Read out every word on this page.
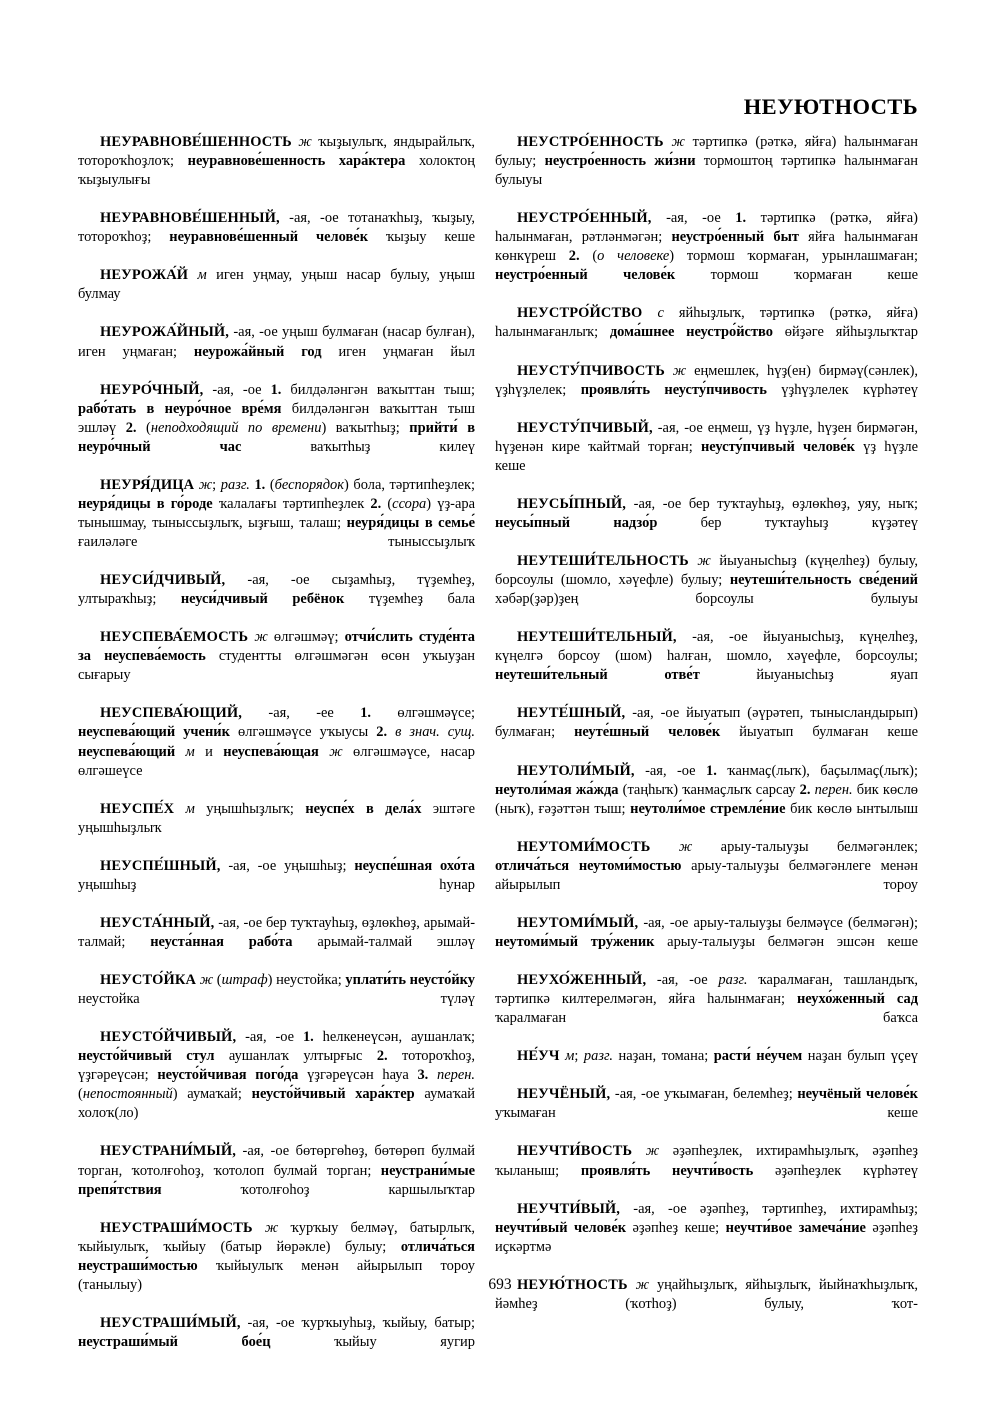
НЕУЮТНОСТЬ

НЕУРАВНОВЕ́ШЕННОСТЬ ж ҡыҙыулыҡ, яндырайлыҡ, тотороҡһоҙлоҡ; неуравнове́шенность хара́ктера холоктоң ҡыҙыулығы

НЕУРАВНОВЕ́ШЕННЫЙ, -ая, -ое тотанаҡһыҙ, ҡыҙыу, тотороҡһоҙ; неуравнове́шенный челове́к ҡыҙыу кеше

НЕУРОЖА́Й м иген уңмау, уңыш насар булыу, уңыш булмау

НЕУРОЖА́ЙНЫЙ, -ая, -ое уңыш булмаған (насар булған), иген уңмаған; неурожа́йный год иген уңмаған йыл

НЕУРО́ЧНЫЙ, -ая, -ое 1. билдәләнгән ваҡыттан тыш; рабо́тать в неуро́чное вре́мя билдәләнгән ваҡыттан тыш эшләү 2. (неподходящий по времени) ваҡытһыҙ; прийти́ в неуро́чный час ваҡытһыҙ килеү

НЕУРЯ́ДИЦА ж; разг. 1. (беспорядок) бола, тәртипһеҙлек; неуря́дицы в го́роде ҡалалағы тәртипһеҙлек 2. (ссора) үҙ-ара тынышмау, тыныссыҙлыҡ, ыҙғыш, талаш; неуря́дицы в семье́ ғаиләләге тыныссыҙлыҡ

НЕУСИ́ДЧИВЫЙ, -ая, -ое сыҙамһыҙ, түҙемһеҙ, ултыраҡһыҙ; неуси́дчивый ребёнок түҙемһеҙ бала

НЕУСПЕВА́ЕМОСТЬ ж өлгәшмәү; отчи́слить студе́нта за неуспева́емость студентты өлгәшмәгән өсөн уҡыуҙан сығарыу

НЕУСПЕВА́ЮЩИЙ, -ая, -ее 1. өлгәшмәүсе; неуспева́ющий учени́к өлгәшмәүсе уҡыусы 2. в знач. сущ. неуспева́ющий м и неуспева́ющая ж өлгәшмәүсе, насар өлгәшеүсе

НЕУСПЕ́Х м уңышһыҙлыҡ; неуспе́х в дела́х эштәге уңышһыҙлыҡ

НЕУСПЕ́ШНЫЙ, -ая, -ое уңышһыҙ; неуспе́шная охо́та уңышһыҙ һунар

НЕУСТА́ННЫЙ, -ая, -ое бер туҡтауһыҙ, өҙлөкһөҙ, арымай-талмай; неуста́нная рабо́та арымай-талмай эшләү

НЕУСТО́ЙКА ж (штраф) неустойка; уплати́ть неусто́йку неустойка түләү

НЕУСТО́ЙЧИВЫЙ, -ая, -ое 1. һелкенеүсән, аушанлаҡ; неусто́йчивый стул аушанлаҡ ултырғыс 2. тотороҡһоҙ, үҙгәреүсән; неусто́йчивая пого́да үҙгәреүсән һауа 3. перен. (непостоянный) аумаҡай; неусто́йчивый хара́ктер аумаҡай холоҡ(ло)

НЕУСТРАНИ́МЫЙ, -ая, -ое бөтөргөһөҙ, бөтөрөп булмай торган, ҡотолғоһоҙ, ҡотолоп булмай торган; неустрани́мые препя́тствия ҡотолғоһоҙ каршылыҡтар

НЕУСТРАШИ́МОСТЬ ж ҡурҡыу белмәү, батырлыҡ, ҡыйыулыҡ, ҡыйыу (батыр йөрәкле) булыу; отлича́ться неустраши́мостью ҡыйыулыҡ менән айырылып тороу (танылыу)

НЕУСТРАШИ́МЫЙ, -ая, -ое ҡурҡыуһыҙ, ҡыйыу, батыр; неустраши́мый бое́ц ҡыйыу яугир

НЕУСТРО́ЕННОСТЬ ж тәртипкә (рәткә, яйға) һалынмаған булыу; неустро́енность жи́зни тормоштоң тәртипкә һалынмаған булыуы

НЕУСТРО́ЕННЫЙ, -ая, -ое 1. тәртипкә (рәткә, яйға) һалынмаған, рәтләнмәгән; неустро́енный быт яйға һалынмаған көнкүреш 2. (о человеке) тормош ҡормаған, урынлашмаған; неустро́енный челове́к тормош ҡормаған кеше

НЕУСТРО́ЙСТВО с яйһыҙлыҡ, тәртипкә (рәткә, яйға) һалынмағанлыҡ; дома́шнее неустро́йство өйҙәге яйһыҙлыҡтар

НЕУСТУ́ПЧИВОСТЬ ж еңмешлек, һүҙ(ен) бирмәү(сәнлек), үҙһүҙлелек; проявля́ть неусту́пчивость үҙһүҙлелек күрһәтеү

НЕУСТУ́ПЧИВЫЙ, -ая, -ое еңмеш, үҙ һүҙле, һүҙен бирмәгән, һүҙенән кире ҡайтмай торған; неусту́пчивый челове́к үҙ һүҙле кеше

НЕУСЫ́ПНЫЙ, -ая, -ое бер туҡтауһыҙ, өҙлөкһөҙ, уяу, ныҡ; неусы́пный надзо́р бер туҡтауһыҙ күҙәтеү

НЕУТЕШИ́ТЕЛЬНОСТЬ ж йыуанысһыҙ (күңелһеҙ) булыу, борсоулы (шомло, хәүефле) булыу; неутеши́тельность све́дений хәбәр(ҙәр)ҙең борсоулы булыуы

НЕУТЕШИ́ТЕЛЬНЫЙ, -ая, -ое йыуанысһыҙ, күңелһеҙ, күңелгә борсоу (шом) һалған, шомло, хәүефле, борсоулы; неутеши́тельный отве́т йыуанысһыҙ яуап

НЕУТЕ́ШНЫЙ, -ая, -ое йыуатып (әүрәтеп, тынысландырып) булмаған; неуте́шный челове́к йыуатып булмаған кеше

НЕУТОЛИ́МЫЙ, -ая, -ое 1. ҡанмаҫ(лыҡ), баҫылмаҫ(лыҡ); неутоли́мая жа́жда (таңһыҡ) ҡанмаҫлыҡ сарсау 2. перен. бик көслө (ныҡ), ғәҙәттән тыш; неутоли́мое стремле́ние бик көслө ынтылыш

НЕУТОМИ́МОСТЬ ж арыу-талыуҙы белмәгәнлек; отлича́ться неутоми́мостью арыу-талыуҙы белмәгәнлеге менән айырылып тороу

НЕУТОМИ́МЫЙ, -ая, -ое арыу-талыуҙы белмәүсе (белмәгән); неутоми́мый тру́женик арыу-талыуҙы белмәгән эшсән кеше

НЕУХО́ЖЕННЫЙ, -ая, -ое разг. ҡаралмаған, ташландыҡ, тәртипкә килтерелмәгән, яйға һалынмаған; неухо́женный сад ҡаралмаған баҡса

НЕ́УЧ м; разг. наҙан, томана; расти́ не́учем наҙан булып үҫеү

НЕУЧЁНЫЙ, -ая, -ое уҡымаған, белемһеҙ; неучёный челове́к уҡымаған кеше

НЕУЧТИ́ВОСТЬ ж әҙәпһеҙлек, ихтирамһыҙлыҡ, әҙәпһеҙ ҡыланыш; проявля́ть неучти́вость әҙәпһеҙлек күрһәтеү

НЕУЧТИ́ВЫЙ, -ая, -ое әҙәпһеҙ, тәртипһеҙ, ихтирамһыҙ; неучти́вый челове́к әҙәпһеҙ кеше; неучти́вое замеча́ние әҙәпһеҙ иҫкәртмә

НЕУЮ́ТНОСТЬ ж уңайһыҙлыҡ, яйһыҙлыҡ, йыйнаҡһыҙлыҡ, йәмһеҙ (ҡотһоҙ) булыу, ҡот-

693
